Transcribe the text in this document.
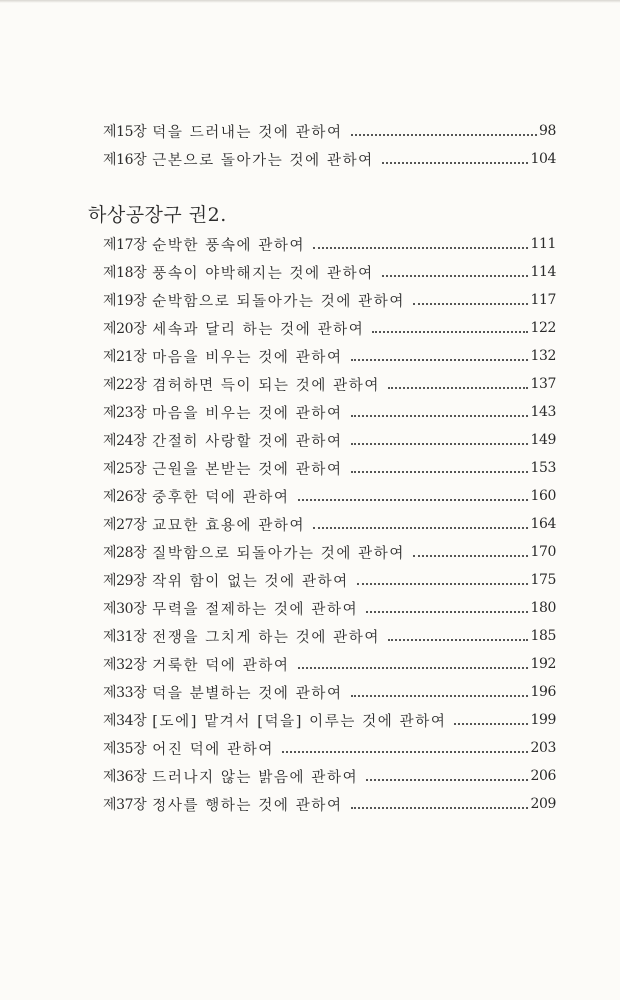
제15장 덕을 드러내는 것에 관하여	98
제16장 근본으로 돌아가는 것에 관하여	104
하상공장구 권2.
제17장 순박한 풍속에 관하여	111
제18장 풍속이 야박해지는 것에 관하여	114
제19장 순박함으로 되돌아가는 것에 관하여	117
제20장 세속과 달리 하는 것에 관하여	122
제21장 마음을 비우는 것에 관하여	132
제22장 겸허하면 득이 되는 것에 관하여	137
제23장 마음을 비우는 것에 관하여	143
제24장 간절히 사랑할 것에 관하여	149
제25장 근원을 본받는 것에 관하여	153
제26장 중후한 덕에 관하여	160
제27장 교묘한 효용에 관하여	164
제28장 질박함으로 되돌아가는 것에 관하여	170
제29장 작위 함이 없는 것에 관하여	175
제30장 무력을 절제하는 것에 관하여	180
제31장 전쟁을 그치게 하는 것에 관하여	185
제32장 거룩한 덕에 관하여	192
제33장 덕을 분별하는 것에 관하여	196
제34장 [도에] 맡겨서 [덕을] 이루는 것에 관하여	199
제35장 어진 덕에 관하여	203
제36장 드러나지 않는 밝음에 관하여	206
제37장 정사를 행하는 것에 관하여	209
